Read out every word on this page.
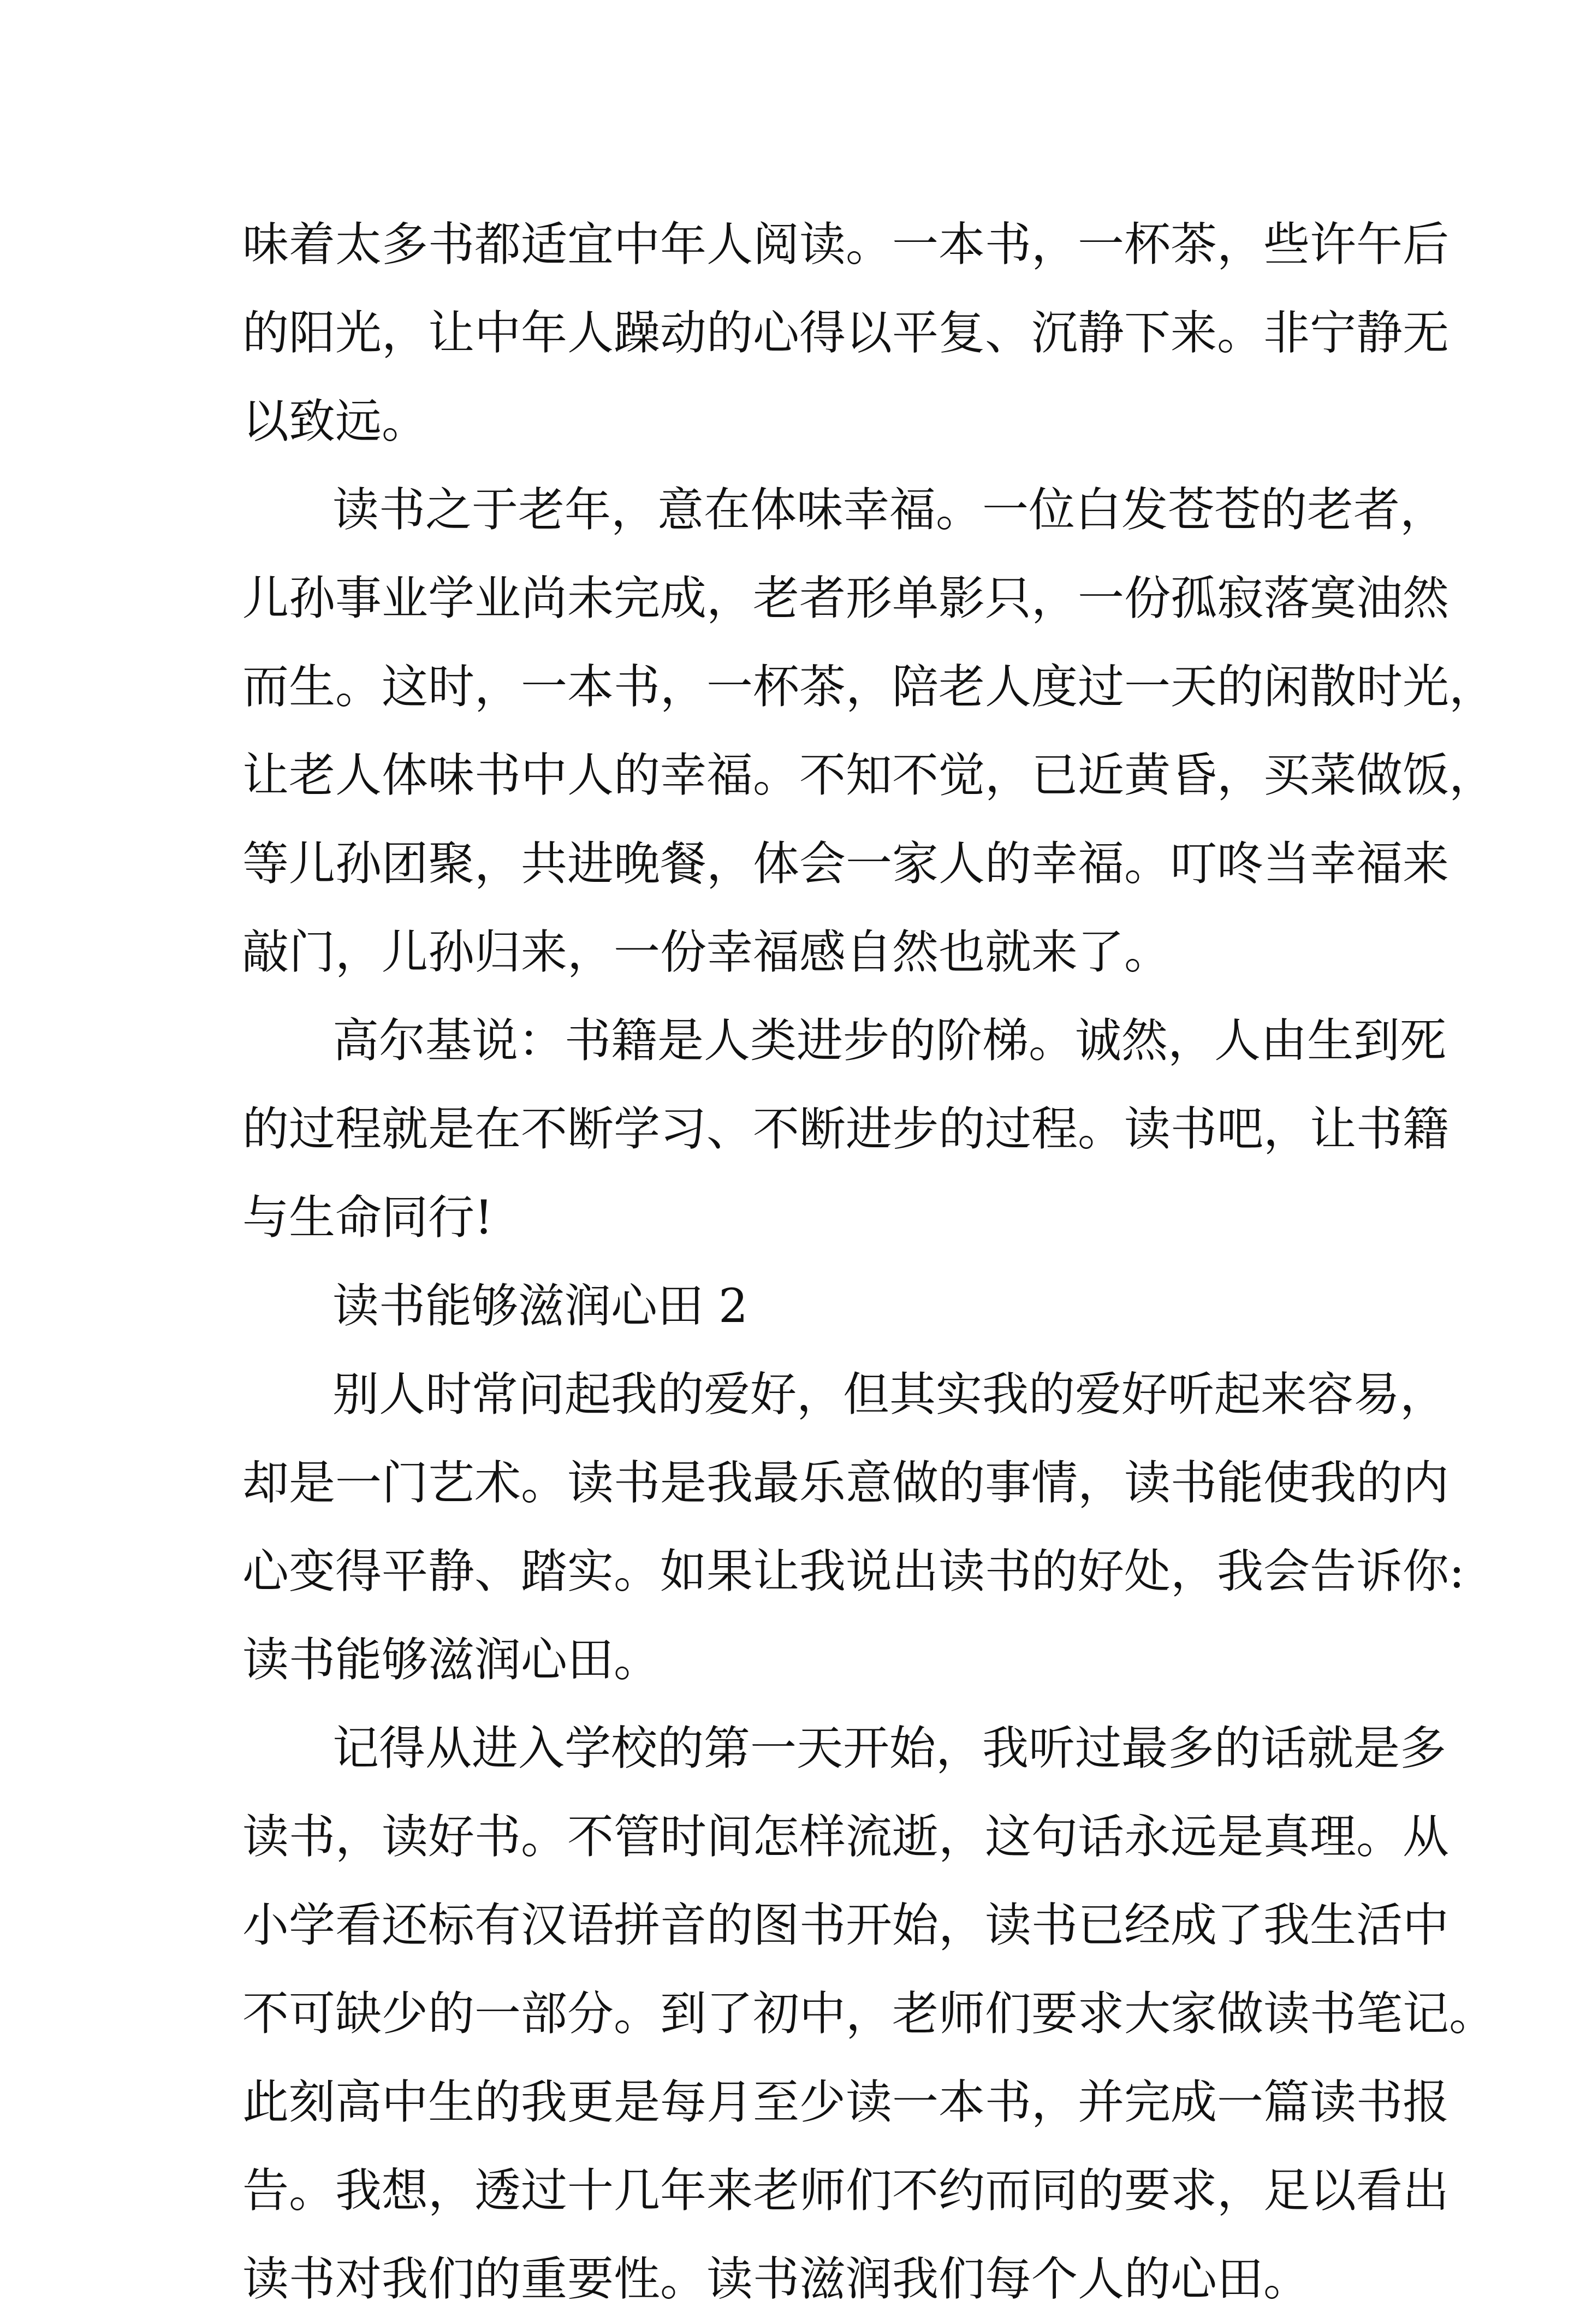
味着太多书都适宜中年人阅读。一本书，一杯茶，些许午后
的阳光，让中年人躁动的心得以平复、沉静下来。非宁静无
以致远。
读书之于老年，意在体味幸福。一位白发苍苍的老者，
儿孙事业学业尚未完成，老者形单影只，一份孤寂落寞油然
而生。这时，一本书，一杯茶，陪老人度过一天的闲散时光，
让老人体味书中人的幸福。不知不觉，已近黄昏，买菜做饭，
等儿孙团聚，共进晚餐，体会一家人的幸福。叮咚当幸福来
敲门，儿孙归来，一份幸福感自然也就来了。
高尔基说：书籍是人类进步的阶梯。诚然，人由生到死
的过程就是在不断学习、不断进步的过程。读书吧，让书籍
与生命同行!
读书能够滋润心田 2
别人时常问起我的爱好，但其实我的爱好听起来容易，
却是一门艺术。读书是我最乐意做的事情，读书能使我的内
心变得平静、踏实。如果让我说出读书的好处，我会告诉你:
读书能够滋润心田。
记得从进入学校的第一天开始，我听过最多的话就是多
读书，读好书。不管时间怎样流逝，这句话永远是真理。从
小学看还标有汉语拼音的图书开始，读书已经成了我生活中
不可缺少的一部分。到了初中，老师们要求大家做读书笔记。
此刻高中生的我更是每月至少读一本书，并完成一篇读书报
告。我想，透过十几年来老师们不约而同的要求，足以看出
读书对我们的重要性。读书滋润我们每个人的心田。
